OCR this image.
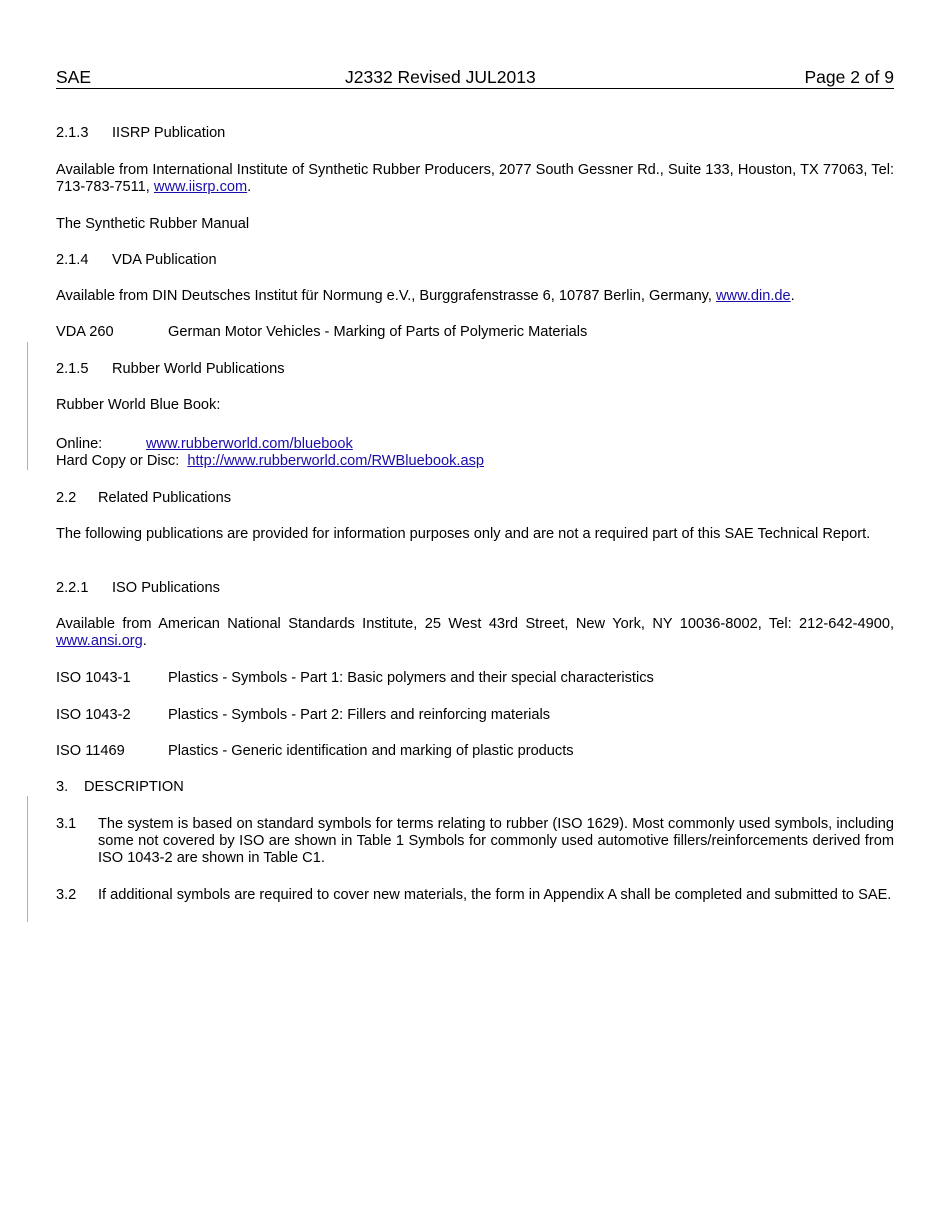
SAE	J2332 Revised JUL2013	Page 2 of 9
2.1.3 IISRP Publication
Available from International Institute of Synthetic Rubber Producers, 2077 South Gessner Rd., Suite 133, Houston, TX 77063, Tel: 713-783-7511, www.iisrp.com.
The Synthetic Rubber Manual
2.1.4 VDA Publication
Available from DIN Deutsches Institut für Normung e.V., Burggrafenstrasse 6, 10787 Berlin, Germany, www.din.de.
VDA 260	German Motor Vehicles - Marking of Parts of Polymeric Materials
2.1.5 Rubber World Publications
Rubber World Blue Book:
Online:	www.rubberworld.com/bluebook
Hard Copy or Disc: http://www.rubberworld.com/RWBluebook.asp
2.2 Related Publications
The following publications are provided for information purposes only and are not a required part of this SAE Technical Report.
2.2.1 ISO Publications
Available from American National Standards Institute, 25 West 43rd Street, New York, NY 10036-8002, Tel: 212-642-4900, www.ansi.org.
ISO 1043-1	Plastics - Symbols - Part 1: Basic polymers and their special characteristics
ISO 1043-2	Plastics - Symbols - Part 2: Fillers and reinforcing materials
ISO 11469	Plastics - Generic identification and marking of plastic products
3. DESCRIPTION
3.1 The system is based on standard symbols for terms relating to rubber (ISO 1629). Most commonly used symbols, including some not covered by ISO are shown in Table 1 Symbols for commonly used automotive fillers/reinforcements derived from ISO 1043-2 are shown in Table C1.
3.2 If additional symbols are required to cover new materials, the form in Appendix A shall be completed and submitted to SAE.
